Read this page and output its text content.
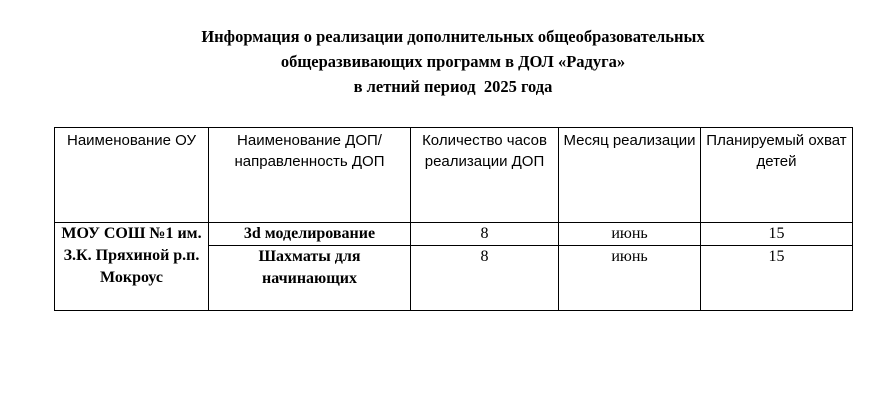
Информация о реализации дополнительных общеобразовательных
общеразвивающих программ в ДОЛ «Радуга»
в летний период  2025 года
Наименование ОУ	Наименование ДОП/направленность ДОП	Количество часов реализации ДОП	Месяц реализации	Планируемый охват детей
МОУ СОШ №1 им. З.К. Пряхиной р.п. Мокроус	3d моделирование	8	июнь	15
	Шахматы для начинающих	8	июнь	15
